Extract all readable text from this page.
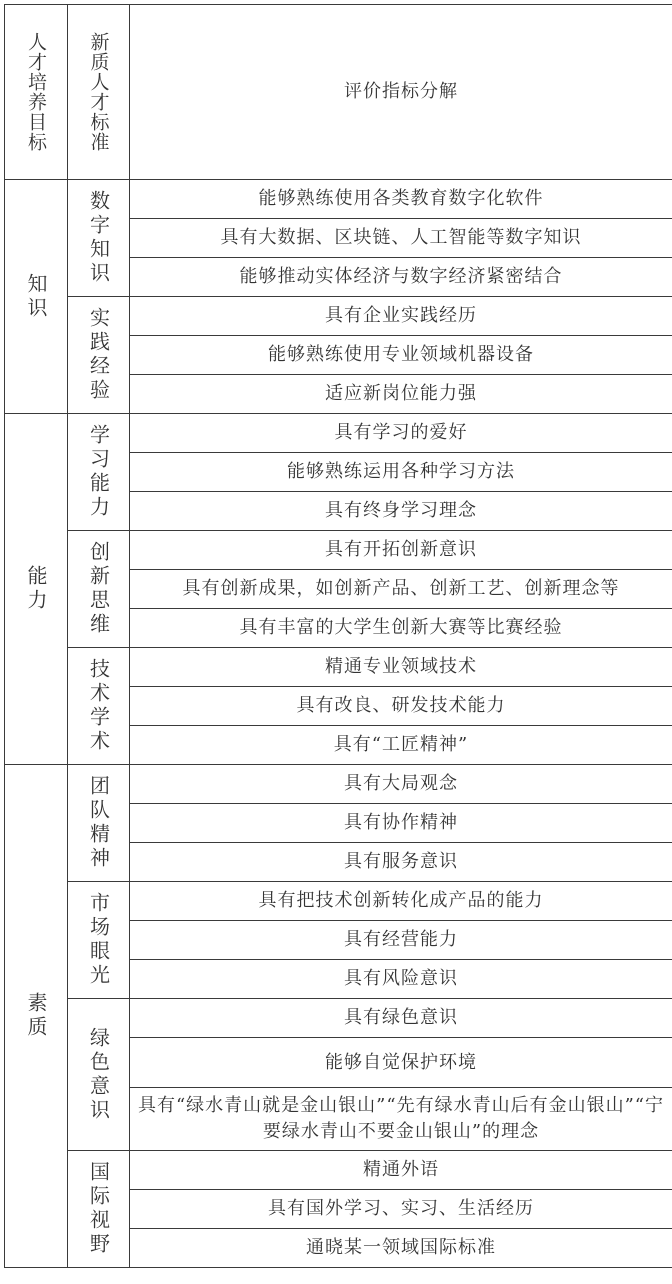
人才培养目标	新质人才标准	评价指标分解
知识	数字知识	能够熟练使用各类教育数字化软件
		具有大数据、区块链、人工智能等数字知识
		能够推动实体经济与数字经济紧密结合
	实践经验	具有企业实践经历
		能够熟练使用专业领域机器设备
		适应新岗位能力强
能力	学习能力	具有学习的爱好
		能够熟练运用各种学习方法
		具有终身学习理念
	创新思维	具有开拓创新意识
		具有创新成果，如创新产品、创新工艺、创新理念等
		具有丰富的大学生创新大赛等比赛经验
	技术学术	精通专业领域技术
		具有改良、研发技术能力
		具有“工匠精神”
素质	团队精神	具有大局观念
		具有协作精神
		具有服务意识
	市场眼光	具有把技术创新转化成产品的能力
		具有经营能力
		具有风险意识
	绿色意识	具有绿色意识
		能够自觉保护环境
		具有“绿水青山就是金山银山”“先有绿水青山后有金山银山”“宁要绿水青山不要金山银山”的理念
	国际视野	精通外语
		具有国外学习、实习、生活经历
		通晓某一领域国际标准
